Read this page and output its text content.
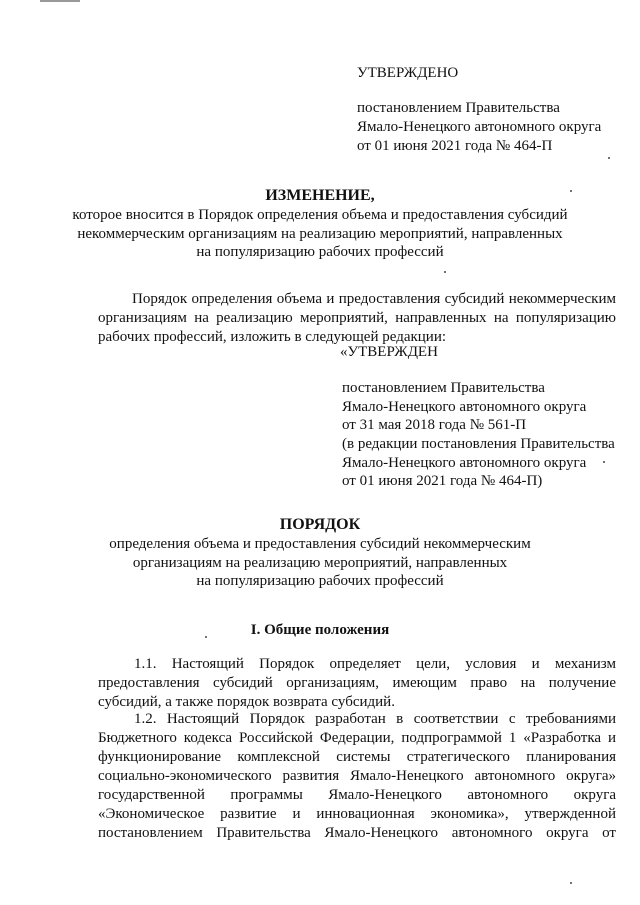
УТВЕРЖДЕНО
постановлением Правительства
Ямало-Ненецкого автономного округа
от 01 июня 2021 года № 464-П
ИЗМЕНЕНИЕ,
которое вносится в Порядок определения объема и предоставления субсидий
некоммерческим организациям на реализацию мероприятий, направленных
на популяризацию рабочих профессий
Порядок определения объема и предоставления субсидий некоммерческим
организациям на реализацию мероприятий, направленных на популяризацию
рабочих профессий, изложить в следующей редакции:
«УТВЕРЖДЕН
постановлением Правительства
Ямало-Ненецкого автономного округа
от 31 мая 2018 года № 561-П
(в редакции постановления Правительства
Ямало-Ненецкого автономного округа
от 01 июня 2021 года № 464-П)
ПОРЯДОК
определения объема и предоставления субсидий некоммерческим
организациям на реализацию мероприятий, направленных
на популяризацию рабочих профессий
I. Общие положения
1.1. Настоящий Порядок определяет цели, условия и механизм
предоставления субсидий организациям, имеющим право на получение
субсидий, а также порядок возврата субсидий.
1.2. Настоящий Порядок разработан в соответствии с требованиями
Бюджетного кодекса Российской Федерации, подпрограммой 1 «Разработка и
функционирование комплексной системы стратегического планирования
социально-экономического развития Ямало-Ненецкого автономного округа»
государственной программы Ямало-Ненецкого автономного округа
«Экономическое развитие и инновационная экономика», утвержденной
постановлением Правительства Ямало-Ненецкого автономного округа от
